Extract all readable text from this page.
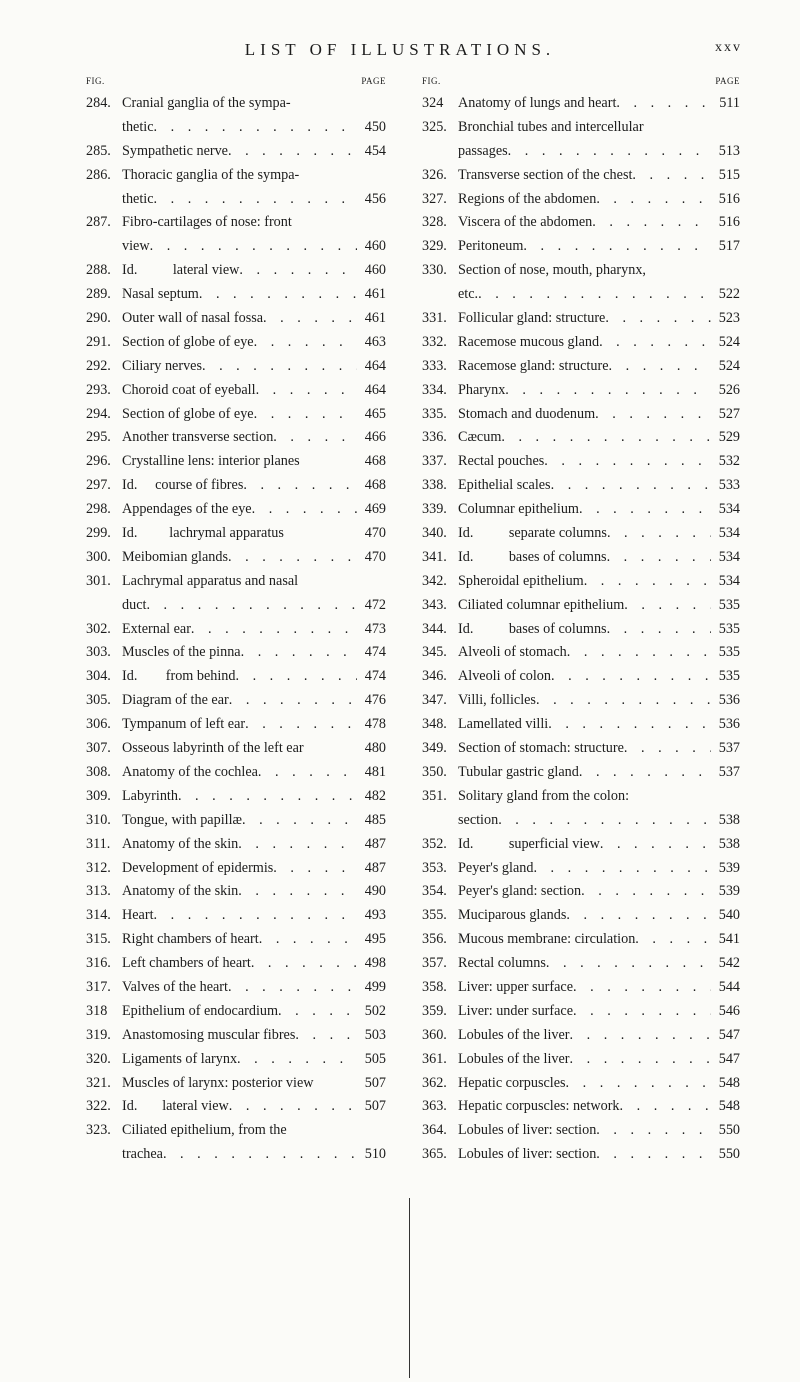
LIST OF ILLUSTRATIONS.	xxv
FIG.	PAGE
284. Cranial ganglia of the sympa-
thetic . . .	450
285. Sympathetic nerve . . .	454
286. Thoracic ganglia of the sympa-
thetic . . .	456
287. Fibro-cartilages of nose: front
view . . .	460
288. Id.          lateral view . . .	460
289. Nasal septum . . .	461
290. Outer wall of nasal fossa . . .	461
291. Section of globe of eye . . .	463
292. Ciliary nerves . . .	464
293. Choroid coat of eyeball . . .	464
294. Section of globe of eye . . .	465
295. Another transverse section . . .	466
296. Crystalline lens: interior planes	468
297. Id.     course of fibres . . .	468
298. Appendages of the eye . . .	469
299. Id.         lachrymal apparatus	470
300. Meibomian glands . . .	470
301. Lachrymal apparatus and nasal
duct . . .	472
302. External ear . . .	473
303. Muscles of the pinna . . .	474
304. Id.        from behind . . .	474
305. Diagram of the ear . . .	476
306. Tympanum of left ear . . .	478
307. Osseous labyrinth of the left ear	480
308. Anatomy of the cochlea . . .	481
309. Labyrinth . . .	482
310. Tongue, with papillæ . . .	485
311. Anatomy of the skin . . .	487
312. Development of epidermis . . .	487
313. Anatomy of the skin . . .	490
314. Heart . . .	493
315. Right chambers of heart . . .	495
316. Left chambers of heart . . .	498
317. Valves of the heart . . .	499
318	Epithelium of endocardium . . .	502
319. Anastomosing muscular fibres . . .	503
320. Ligaments of larynx . . .	505
321. Muscles of larynx: posterior view	507
322. Id.       lateral view . . .	507
323. Ciliated epithelium, from the
trachea . . .	510
FIG.	PAGE
324	Anatomy of lungs and heart . . .	511
325. Bronchial tubes and intercellular
passages . . .	513
326. Transverse section of the chest . . .	515
327. Regions of the abdomen . . .	516
328. Viscera of the abdomen . . .	516
329. Peritoneum . . .	517
330. Section of nose, mouth, pharynx,
etc. . . .	522
331. Follicular gland: structure . . .	523
332. Racemose mucous gland . . .	524
333. Racemose gland: structure . . .	524
334. Pharynx . . .	526
335. Stomach and duodenum . . .	527
336. Cæcum . . .	529
337. Rectal pouches . . .	532
338. Epithelial scales . . .	533
339. Columnar epithelium . . .	534
340. Id.          separate columns . . .	534
341. Id.          bases of columns . . .	534
342. Spheroidal epithelium . . .	534
343. Ciliated columnar epithelium . . .	535
344. Id.          bases of columns . . .	535
345. Alveoli of stomach . . .	535
346. Alveoli of colon . . .	535
347. Villi, follicles . . .	536
348. Lamellated villi . . .	536
349. Section of stomach: structure . . .	537
350. Tubular gastric gland . . .	537
351. Solitary gland from the colon:
section . . .	538
352. Id.          superficial view . . .	538
353. Peyer's gland . . .	539
354. Peyer's gland: section . . .	539
355. Muciparous glands . . .	540
356. Mucous membrane: circulation . . .	541
357. Rectal columns . . .	542
358. Liver: upper surface . . .	544
359. Liver: under surface . . .	546
360. Lobules of the liver . . .	547
361. Lobules of the liver . . .	547
362. Hepatic corpuscles . . .	548
363. Hepatic corpuscles: network . . .	548
364. Lobules of liver: section . . .	550
365. Lobules of liver: section . . .	550
